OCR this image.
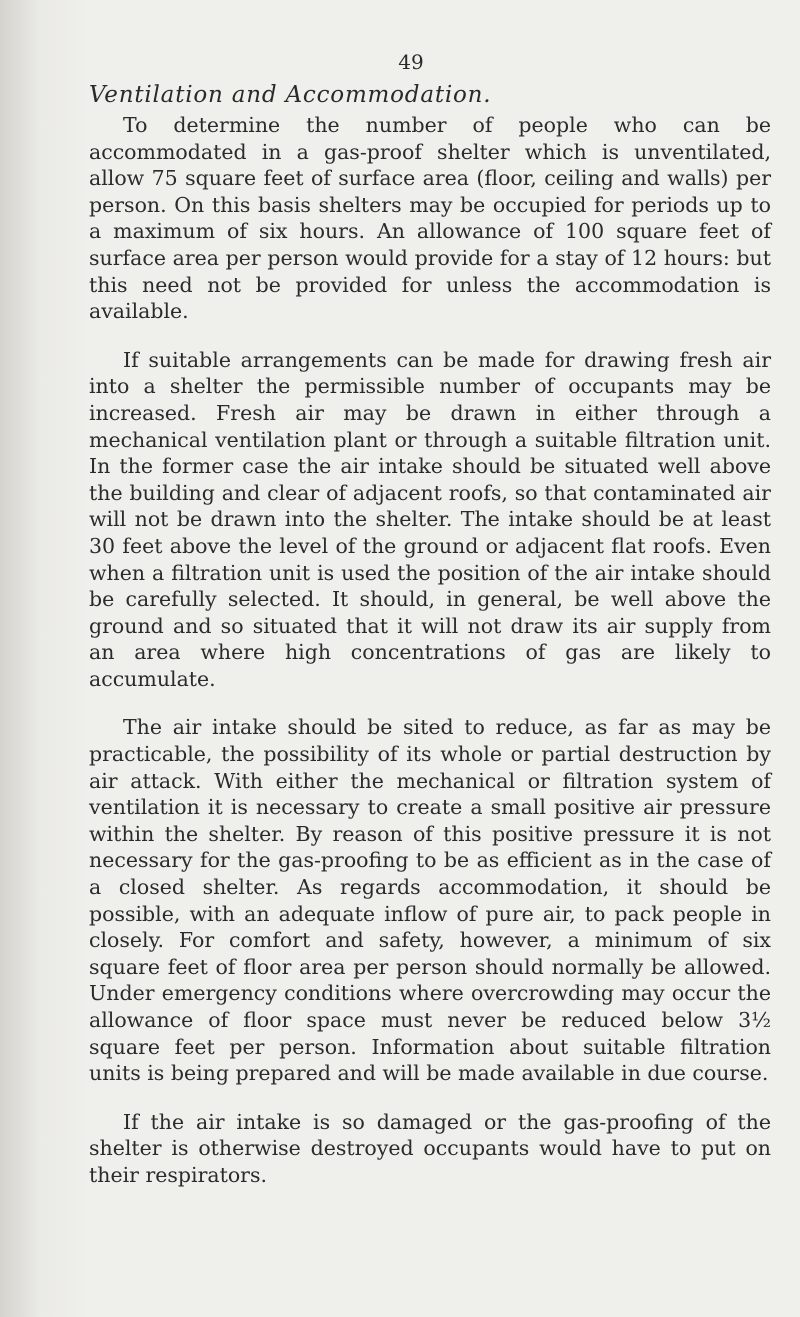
49
Ventilation and Accommodation.

To determine the number of people who can be accommodated in a gas-proof shelter which is unventilated, allow 75 square feet of surface area (floor, ceiling and walls) per person. On this basis shelters may be occupied for periods up to a maximum of six hours. An allowance of 100 square feet of surface area per person would provide for a stay of 12 hours: but this need not be provided for unless the accommodation is available.

If suitable arrangements can be made for drawing fresh air into a shelter the permissible number of occupants may be increased. Fresh air may be drawn in either through a mechanical ventilation plant or through a suitable filtration unit. In the former case the air intake should be situated well above the building and clear of adjacent roofs, so that contaminated air will not be drawn into the shelter. The intake should be at least 30 feet above the level of the ground or adjacent flat roofs. Even when a filtration unit is used the position of the air intake should be carefully selected. It should, in general, be well above the ground and so situated that it will not draw its air supply from an area where high concentrations of gas are likely to accumulate.

The air intake should be sited to reduce, as far as may be practicable, the possibility of its whole or partial destruction by air attack. With either the mechanical or filtration system of ventilation it is necessary to create a small positive air pressure within the shelter. By reason of this positive pressure it is not necessary for the gas-proofing to be as efficient as in the case of a closed shelter. As regards accommodation, it should be possible, with an adequate inflow of pure air, to pack people in closely. For comfort and safety, however, a minimum of six square feet of floor area per person should normally be allowed. Under emergency conditions where overcrowding may occur the allowance of floor space must never be reduced below 3½ square feet per person. Information about suitable filtration units is being prepared and will be made available in due course.

If the air intake is so damaged or the gas-proofing of the shelter is otherwise destroyed occupants would have to put on their respirators.
